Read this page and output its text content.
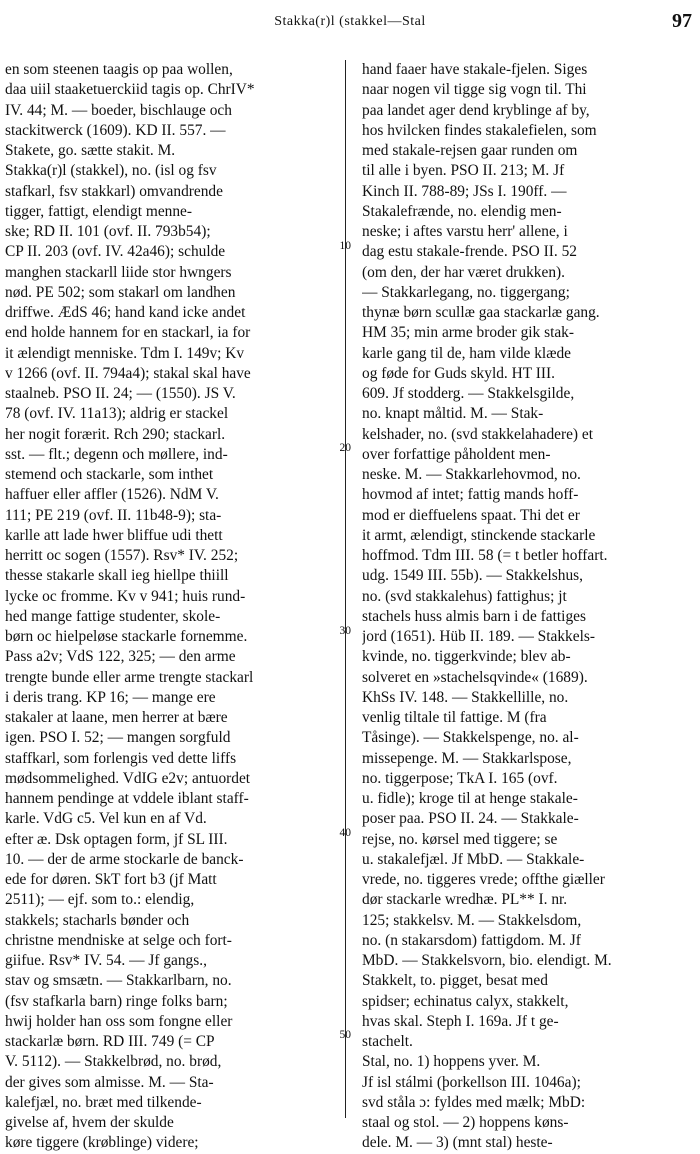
Stakka(r)l (stakkel—Stal	97
en som steenen taagis op paa wollen,
daa uiil staaketuerckiid tagis op. ChrIV*
IV. 44; M. — boeder, bischlauge och
stackitwerck (1609). KD II. 557. —
Stakete, go. sætte stakit. M.
Stakka(r)l (stakkel), no. (isl og fsv
stafkarl, fsv stakkarl) omvandrende
tigger, fattigt, elendigt menne-
ske; RD II. 101 (ovf. II. 793b54);
CP II. 203 (ovf. IV. 42a46); schulde
manghen stackarll liide stor hwngers
nød. PE 502; som stakarl om landhen
driffwe. ÆdS 46; hand kand icke andet
end holde hannem for en stackarl, ia for
it ælendigt menniske. Tdm I. 149v; Kv
v 1266 (ovf. II. 794a4); stakal skal have
staalneb. PSO II. 24; — (1550). JS V.
78 (ovf. IV. 11a13); aldrig er stackel
her nogit forærit. Rch 290; stackarl.
sst. — flt.; degenn och møllere, ind-
stemend och stackarle, som inthet
haffuer eller affler (1526). NdM V.
111; PE 219 (ovf. II. 11b48-9); sta-
karlle att lade hwer bliffue udi thett
herritt oc sogen (1557). Rsv* IV. 252;
thesse stakarle skall ieg hiellpe thiill
lycke oc fromme. Kv v 941; huis rund-
hed mange fattige studenter, skole-
børn oc hielpeløse stackarle fornemme.
Pass a2v; VdS 122, 325; — den arme
trengte bunde eller arme trengte stackarl
i deris trang. KP 16; — mange ere
stakaler at laane, men herrer at bære
igen. PSO I. 52; — mangen sorgfuld
staffkarl, som forlengis ved dette liffs
mødsommelighed. VdIG e2v; antuordet
hannem pendinge at vddele iblant staff-
karle. VdG c5. Vel kun en af Vd.
efter æ. Dsk optagen form, jf SL III.
10. — der de arme stockarle de banck-
ede for døren. SkT fort b3 (jf Matt
2511); — ejf. som to.: elendig,
stakkels; stacharls bønder och
christne mendniske at selge och fort-
giifue. Rsv* IV. 54. — Jf gangs.,
stav og smsætn. — Stakkarlbarn, no.
(fsv stafkarla barn) ringe folks barn;
hwij holder han oss som fongne eller
stackarlæ børn. RD III. 749 (= CP
V. 5112). — Stakkelbrød, no. brød,
der gives som almisse. M. — Sta-
kalefjæl, no. bræt med tilkende-
givelse af, hvem der skulde
køre tiggere (krøblinge) videre;
hand faaer have stakale-fjelen. Siges
naar nogen vil tigge sig vogn til. Thi
paa landet ager dend kryblinge af by,
hos hvilcken findes stakalefielen, som
med stakale-rejsen gaar runden om
til alle i byen. PSO II. 213; M. Jf
Kinch II. 788-89; JSs I. 190ff. —
Stakalefrænde, no. elendig men-
neske; i aftes varstu herr' allene, i
dag estu stakale-frende. PSO II. 52
(om den, der har været drukken).
— Stakkarlegang, no. tiggergang;
thynæ børn scullæ gaa stackarlæ gang.
HM 35; min arme broder gik stak-
karle gang til de, ham vilde klæde
og føde for Guds skyld. HT III.
609. Jf stodderg. — Stakkelsgilde,
no. knapt måltid. M. — Stak-
kelshader, no. (svd stakkelahadere) et
over forfattige påholdent men-
neske. M. — Stakkarlehovmod, no.
hovmod af intet; fattig mands hoff-
mod er dieffuelens spaat. Thi det er
it armt, ælendigt, stinckende stackarle
hoffmod. Tdm III. 58 (= t betler hoffart.
udg. 1549 III. 55b). — Stakkelshus,
no. (svd stakkalehus) fattighus; jt
stachels huss almis barn i de fattiges
jord (1651). Hüb II. 189. — Stakkels-
kvinde, no. tiggerkvinde; blev ab-
solveret en »stachelsqvinde« (1689).
KhSs IV. 148. — Stakkellille, no.
venlig tiltale til fattige. M (fra
Tåsinge). — Stakkelspenge, no. al-
missepenge. M. — Stakkarlspose,
no. tiggerpose; TkA I. 165 (ovf.
u. fidle); kroge til at henge stakale-
poser paa. PSO II. 24. — Stakkale-
rejse, no. kørsel med tiggere; se
u. stakalefjæl. Jf MbD. — Stakkale-
vrede, no. tiggeres vrede; offthe giæller
dør stackarle wredhæ. PL** I. nr.
125; stakkelsv. M. — Stakkelsdom,
no. (n stakarsdom) fattigdom. M. Jf
MbD. — Stakkelsvorn, bio. elendigt. M.
Stakkelt, to. pigget, besat med
spidser; echinatus calyx, stakkelt,
hvas skal. Steph I. 169a. Jf t ge-
stachelt.
Stal, no. 1) hoppens yver. M.
Jf isl stálmi (þorkellson III. 1046a);
svd ståla ɔ: fyldes med mælk; MbD:
staal og stol. — 2) hoppens køns-
dele. M. — 3) (mnt stal) heste-
10
20
30
40
50
